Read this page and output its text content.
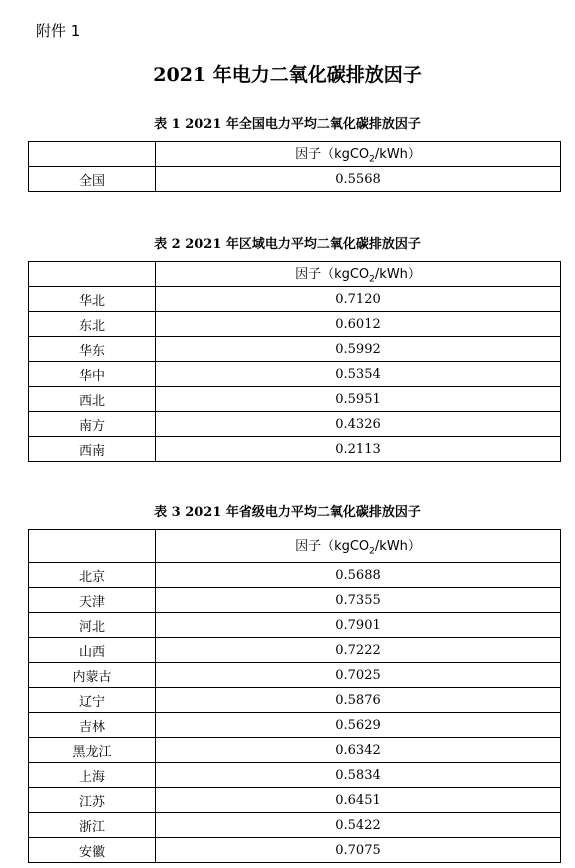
附件 1
2021 年电力二氧化碳排放因子
表 1 2021 年全国电力平均二氧化碳排放因子
	因子（kgCO$_2$/kWh）
全国	0.5568
表 2 2021 年区域电力平均二氧化碳排放因子
	因子（kgCO$_2$/kWh）
华北	0.7120
东北	0.6012
华东	0.5992
华中	0.5354
西北	0.5951
南方	0.4326
西南	0.2113
表 3 2021 年省级电力平均二氧化碳排放因子
	因子（kgCO$_2$/kWh）
北京	0.5688
天津	0.7355
河北	0.7901
山西	0.7222
内蒙古	0.7025
辽宁	0.5876
吉林	0.5629
黑龙江	0.6342
上海	0.5834
江苏	0.6451
浙江	0.5422
安徽	0.7075
